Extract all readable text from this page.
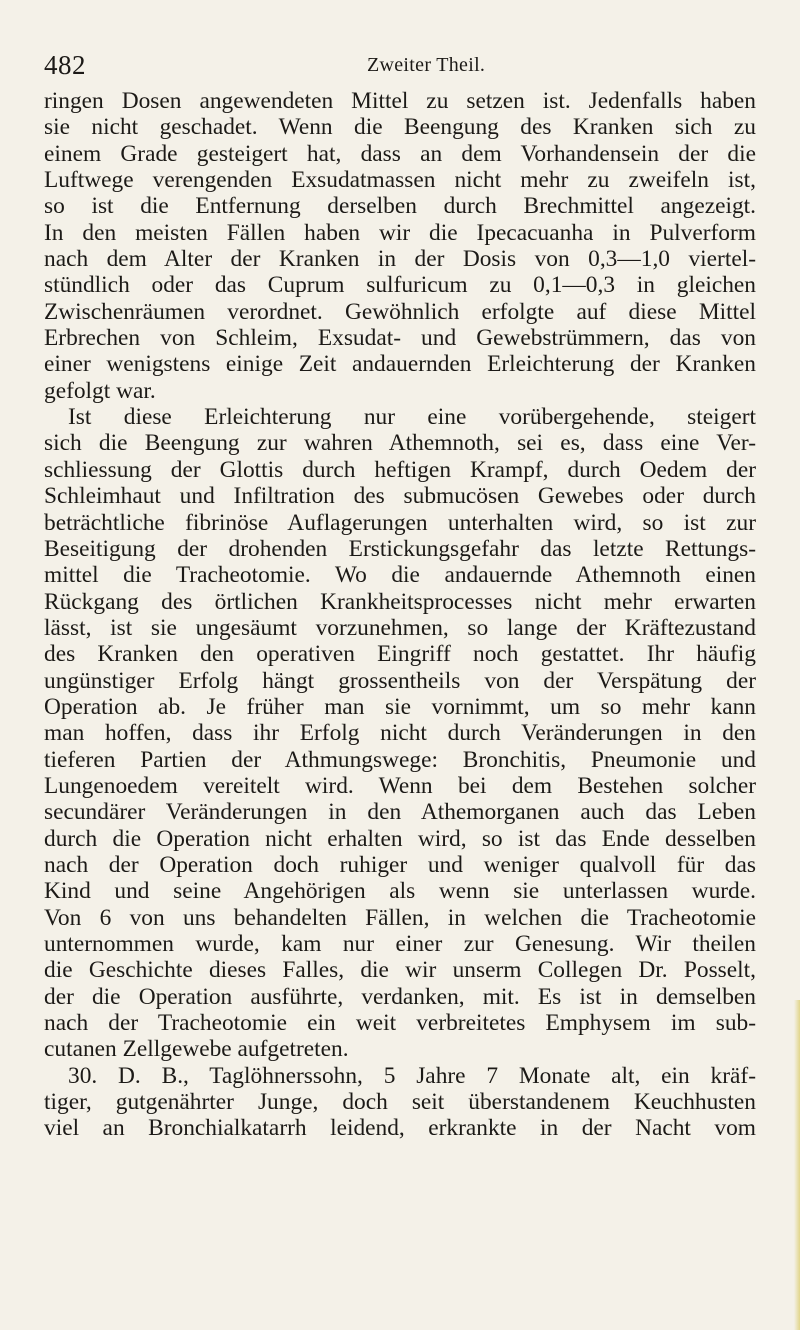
482	Zweiter Theil.
ringen Dosen angewendeten Mittel zu setzen ist. Jedenfalls haben
sie nicht geschadet. Wenn die Beengung des Kranken sich zu
einem Grade gesteigert hat, dass an dem Vorhandensein der die
Luftwege verengenden Exsudatmassen nicht mehr zu zweifeln ist,
so ist die Entfernung derselben durch Brechmittel angezeigt.
In den meisten Fällen haben wir die Ipecacuanha in Pulverform
nach dem Alter der Kranken in der Dosis von 0,3—1,0 viertel-
stündlich oder das Cuprum sulfuricum zu 0,1—0,3 in gleichen
Zwischenräumen verordnet. Gewöhnlich erfolgte auf diese Mittel
Erbrechen von Schleim, Exsudat- und Gewebstrümmern, das von
einer wenigstens einige Zeit andauernden Erleichterung der Kranken
gefolgt war.
Ist diese Erleichterung nur eine vorübergehende, steigert
sich die Beengung zur wahren Athemnoth, sei es, dass eine Ver-
schliessung der Glottis durch heftigen Krampf, durch Oedem der
Schleimhaut und Infiltration des submucösen Gewebes oder durch
beträchtliche fibrinöse Auflagerungen unterhalten wird, so ist zur
Beseitigung der drohenden Erstickungsgefahr das letzte Rettungs-
mittel die Tracheotomie. Wo die andauernde Athemnoth einen
Rückgang des örtlichen Krankheitsprocesses nicht mehr erwarten
lässt, ist sie ungesäumt vorzunehmen, so lange der Kräftezustand
des Kranken den operativen Eingriff noch gestattet. Ihr häufig
ungünstiger Erfolg hängt grossentheils von der Verspätung der
Operation ab. Je früher man sie vornimmt, um so mehr kann
man hoffen, dass ihr Erfolg nicht durch Veränderungen in den
tieferen Partien der Athmungswege: Bronchitis, Pneumonie und
Lungenoedem vereitelt wird. Wenn bei dem Bestehen solcher
secundärer Veränderungen in den Athemorganen auch das Leben
durch die Operation nicht erhalten wird, so ist das Ende desselben
nach der Operation doch ruhiger und weniger qualvoll für das
Kind und seine Angehörigen als wenn sie unterlassen wurde.
Von 6 von uns behandelten Fällen, in welchen die Tracheotomie
unternommen wurde, kam nur einer zur Genesung. Wir theilen
die Geschichte dieses Falles, die wir unserm Collegen Dr. Posselt,
der die Operation ausführte, verdanken, mit. Es ist in demselben
nach der Tracheotomie ein weit verbreitetes Emphysem im sub-
cutanen Zellgewebe aufgetreten.
30. D. B., Taglöhnerssohn, 5 Jahre 7 Monate alt, ein kräf-
tiger, gutgenährter Junge, doch seit überstandenem Keuchhusten
viel an Bronchialkatarrh leidend, erkrankte in der Nacht vom
